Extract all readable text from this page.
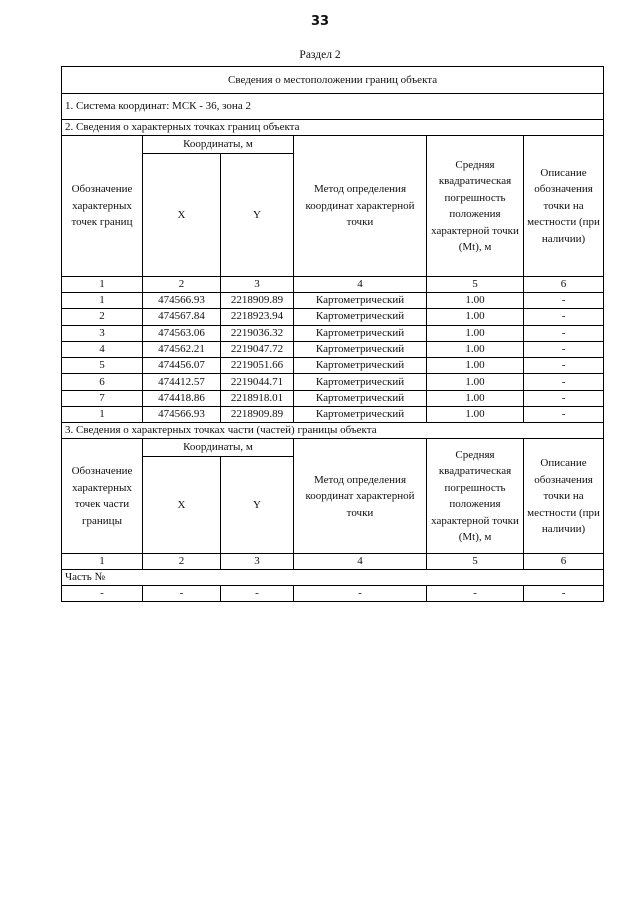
33
Раздел 2
Сведения о местоположении границ объекта					
1. Система координат: МСК - 36, зона 2					
2. Сведения о характерных точках границ объекта					
Обозначение характерных точек границ	Координаты, м		Метод определения координат характерной точки	Средняя квадратическая погрешность положения характерной точки (Mt), м	Описание обозначения точки на местности (при наличии)
	X	Y			
1	2	3	4	5	6
1	474566.93	2218909.89	Картометрический	1.00	-
2	474567.84	2218923.94	Картометрический	1.00	-
3	474563.06	2219036.32	Картометрический	1.00	-
4	474562.21	2219047.72	Картометрический	1.00	-
5	474456.07	2219051.66	Картометрический	1.00	-
6	474412.57	2219044.71	Картометрический	1.00	-
7	474418.86	2218918.01	Картометрический	1.00	-
1	474566.93	2218909.89	Картометрический	1.00	-
3. Сведения о характерных точках части (частей) границы объекта					
Обозначение характерных точек части границы	Координаты, м		Метод определения координат характерной точки	Средняя квадратическая погрешность положения характерной точки (Mt), м	Описание обозначения точки на местности (при наличии)
	X	Y			
1	2	3	4	5	6
Часть №					
-	-	-	-	-	-
